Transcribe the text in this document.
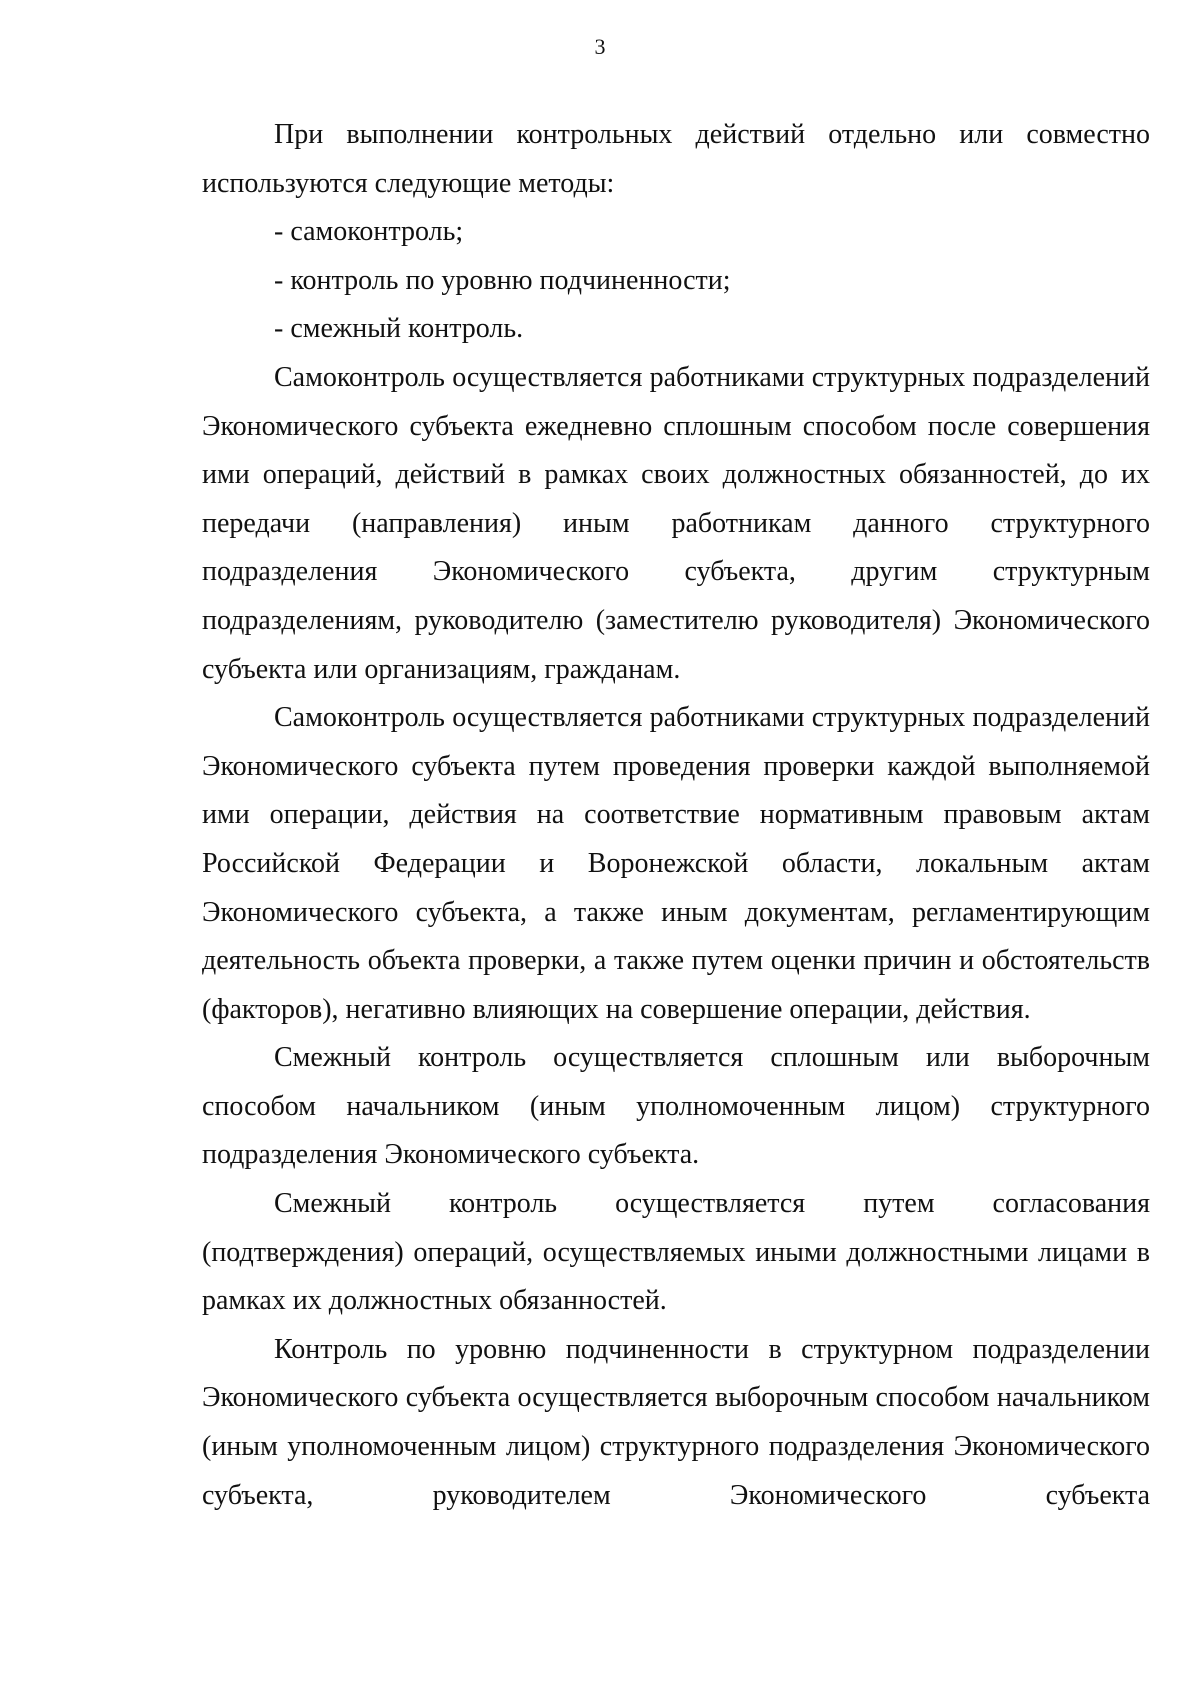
3

При выполнении контрольных действий отдельно или совместно используются следующие методы:

- самоконтроль;

- контроль по уровню подчиненности;

- смежный контроль.

Самоконтроль осуществляется работниками структурных подразделений Экономического субъекта ежедневно сплошным способом после совершения ими операций, действий в рамках своих должностных обязанностей, до их передачи (направления) иным работникам данного структурного подразделения Экономического субъекта, другим структурным подразделениям, руководителю (заместителю руководителя) Экономического субъекта или организациям, гражданам.

Самоконтроль осуществляется работниками структурных подразделений Экономического субъекта путем проведения проверки каждой выполняемой ими операции, действия на соответствие нормативным правовым актам Российской Федерации и Воронежской области, локальным актам Экономического субъекта, а также иным документам, регламентирующим деятельность объекта проверки, а также путем оценки причин и обстоятельств (факторов), негативно влияющих на совершение операции, действия.

Смежный контроль осуществляется сплошным или выборочным способом начальником (иным уполномоченным лицом) структурного подразделения Экономического субъекта.

Смежный контроль осуществляется путем согласования (подтверждения) операций, осуществляемых иными должностными лицами в рамках их должностных обязанностей.

Контроль по уровню подчиненности в структурном подразделении Экономического субъекта осуществляется выборочным способом начальником (иным уполномоченным лицом) структурного подразделения Экономического субъекта, руководителем Экономического субъекта
